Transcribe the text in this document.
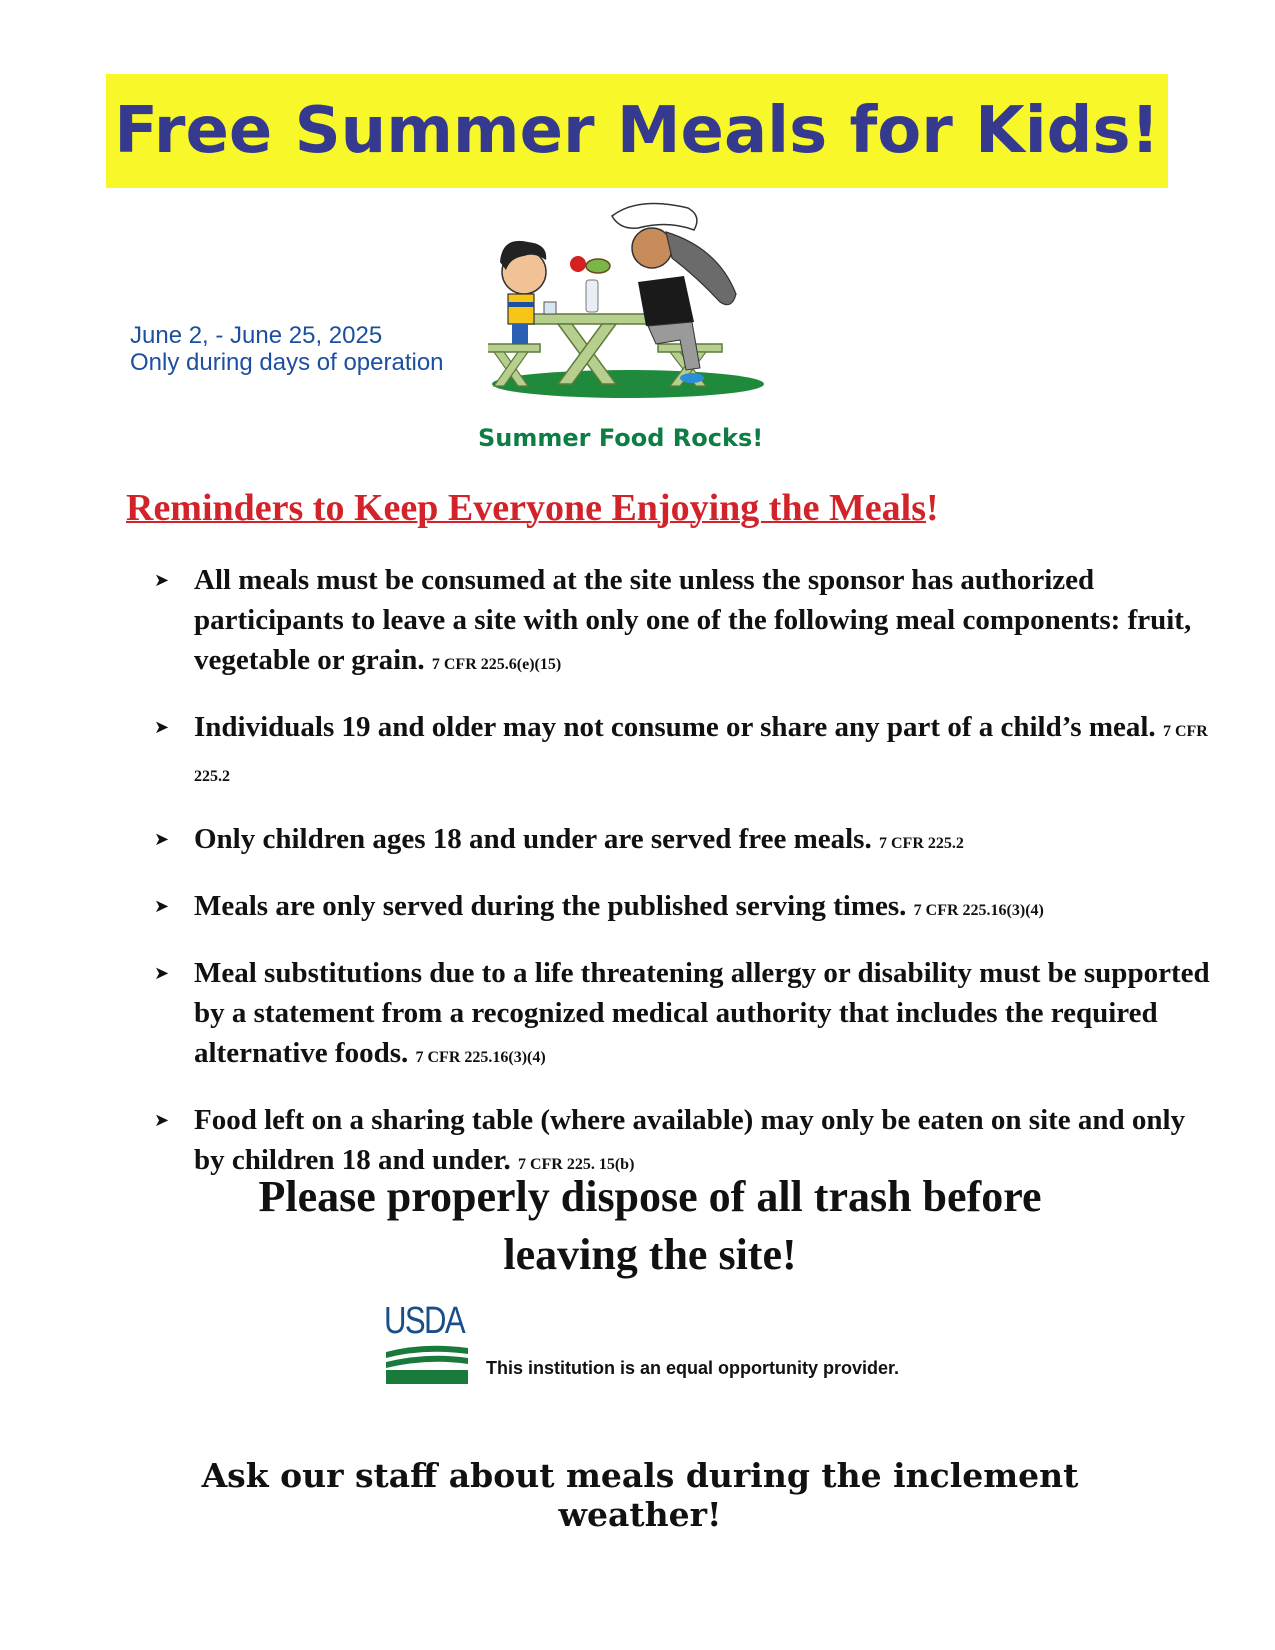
Free Summer Meals for Kids!
June 2, - June 25, 2025
Only during days of operation
Summer Food Rocks!
Reminders to Keep Everyone Enjoying the Meals!
➤ All meals must be consumed at the site unless the sponsor has authorized participants to leave a site with only one of the following meal components: fruit, vegetable or grain. 7 CFR 225.6(e)(15)
➤ Individuals 19 and older may not consume or share any part of a child’s meal. 7 CFR 225.2
➤ Only children ages 18 and under are served free meals. 7 CFR 225.2
➤ Meals are only served during the published serving times. 7 CFR 225.16(3)(4)
➤ Meal substitutions due to a life threatening allergy or disability must be supported by a statement from a recognized medical authority that includes the required alternative foods. 7 CFR 225.16(3)(4)
➤ Food left on a sharing table (where available) may only be eaten on site and only by children 18 and under. 7 CFR 225. 15(b)
Please properly dispose of all trash before
leaving the site!
USDA
This institution is an equal opportunity provider.
Ask our staff about meals during the inclement weather!
